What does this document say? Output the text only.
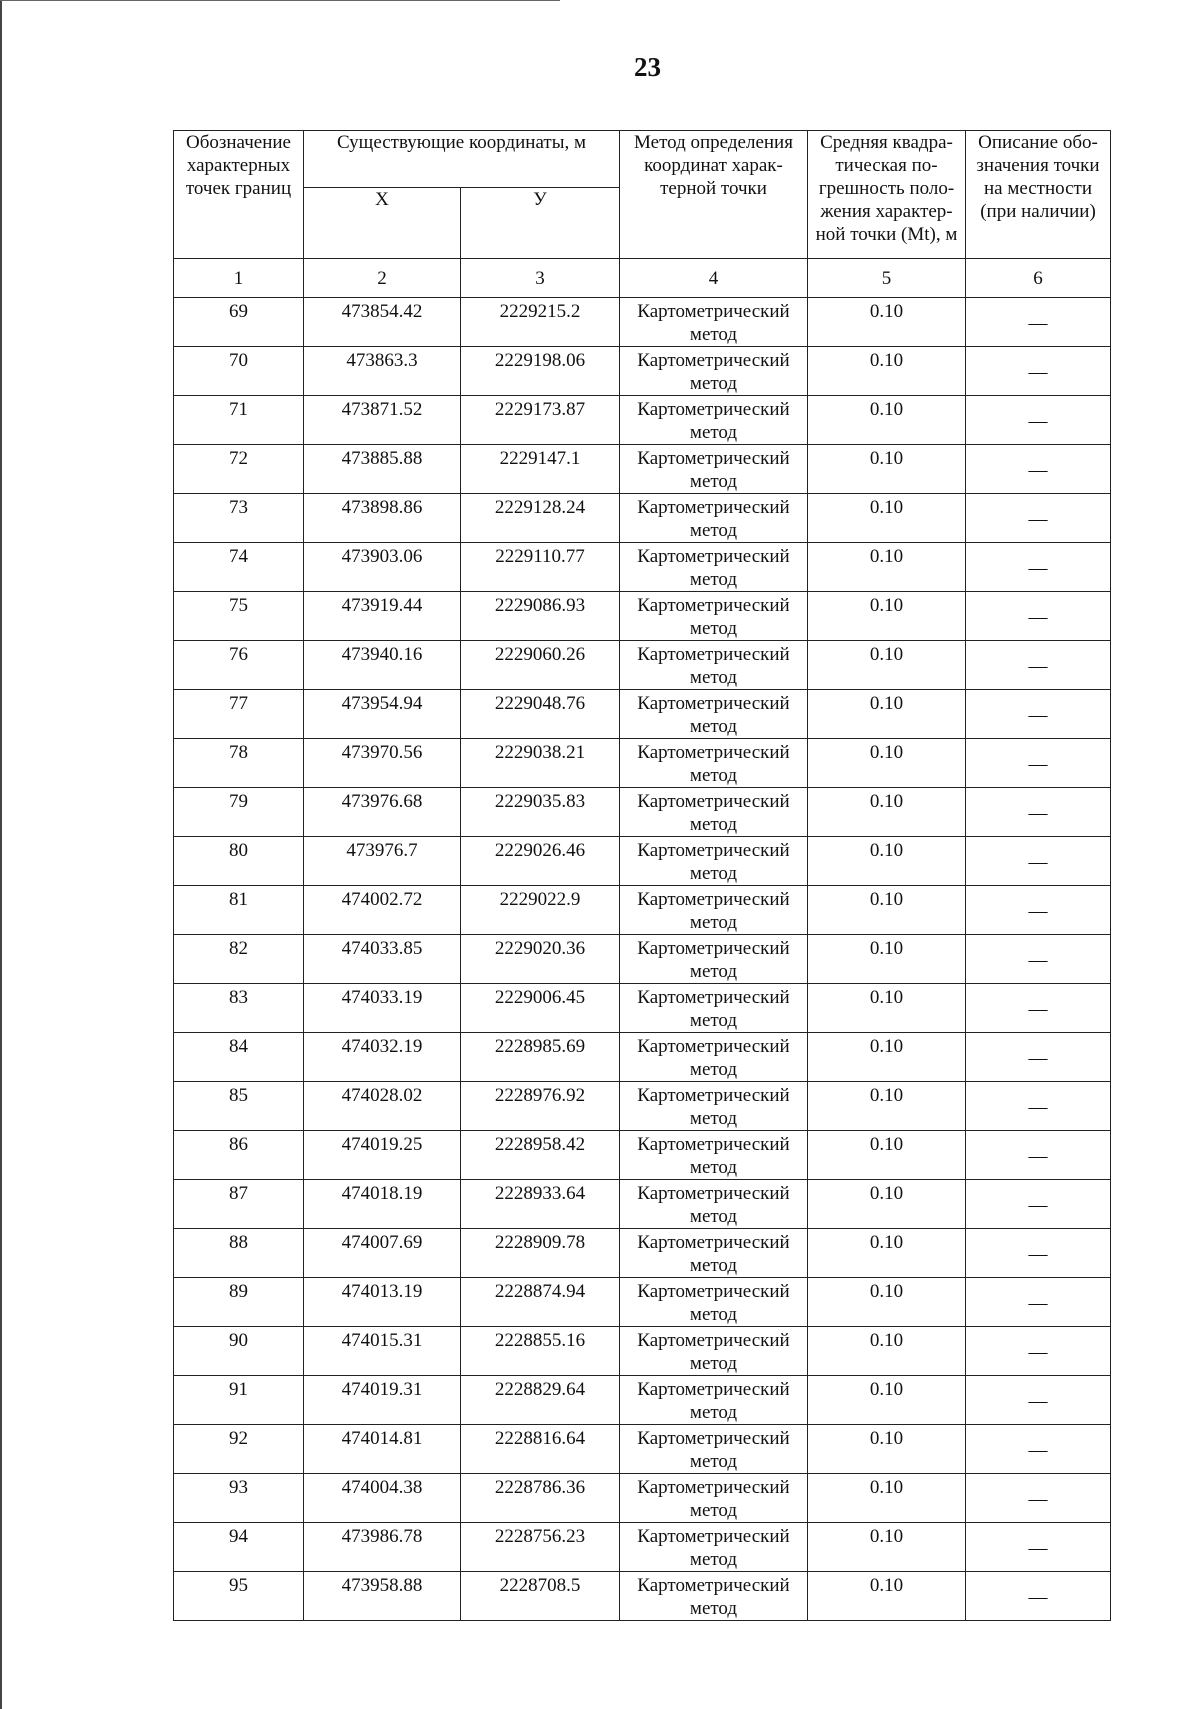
23
Обозначение характерных точек границ	Существующие координаты, м		Метод определения координат харак-терной точки	Средняя квадра-тическая по-грешность поло-жения характер-ной точки (Mt), м	Описание обо-значения точки на местности (при наличии)
	Х	У			
1	2	3	4	5	6
69	473854.42	2229215.2	Картометрический метод	0.10	—
70	473863.3	2229198.06	Картометрический метод	0.10	—
71	473871.52	2229173.87	Картометрический метод	0.10	—
72	473885.88	2229147.1	Картометрический метод	0.10	—
73	473898.86	2229128.24	Картометрический метод	0.10	—
74	473903.06	2229110.77	Картометрический метод	0.10	—
75	473919.44	2229086.93	Картометрический метод	0.10	—
76	473940.16	2229060.26	Картометрический метод	0.10	—
77	473954.94	2229048.76	Картометрический метод	0.10	—
78	473970.56	2229038.21	Картометрический метод	0.10	—
79	473976.68	2229035.83	Картометрический метод	0.10	—
80	473976.7	2229026.46	Картометрический метод	0.10	—
81	474002.72	2229022.9	Картометрический метод	0.10	—
82	474033.85	2229020.36	Картометрический метод	0.10	—
83	474033.19	2229006.45	Картометрический метод	0.10	—
84	474032.19	2228985.69	Картометрический метод	0.10	—
85	474028.02	2228976.92	Картометрический метод	0.10	—
86	474019.25	2228958.42	Картометрический метод	0.10	—
87	474018.19	2228933.64	Картометрический метод	0.10	—
88	474007.69	2228909.78	Картометрический метод	0.10	—
89	474013.19	2228874.94	Картометрический метод	0.10	—
90	474015.31	2228855.16	Картометрический метод	0.10	—
91	474019.31	2228829.64	Картометрический метод	0.10	—
92	474014.81	2228816.64	Картометрический метод	0.10	—
93	474004.38	2228786.36	Картометрический метод	0.10	—
94	473986.78	2228756.23	Картометрический метод	0.10	—
95	473958.88	2228708.5	Картометрический метод	0.10	—
